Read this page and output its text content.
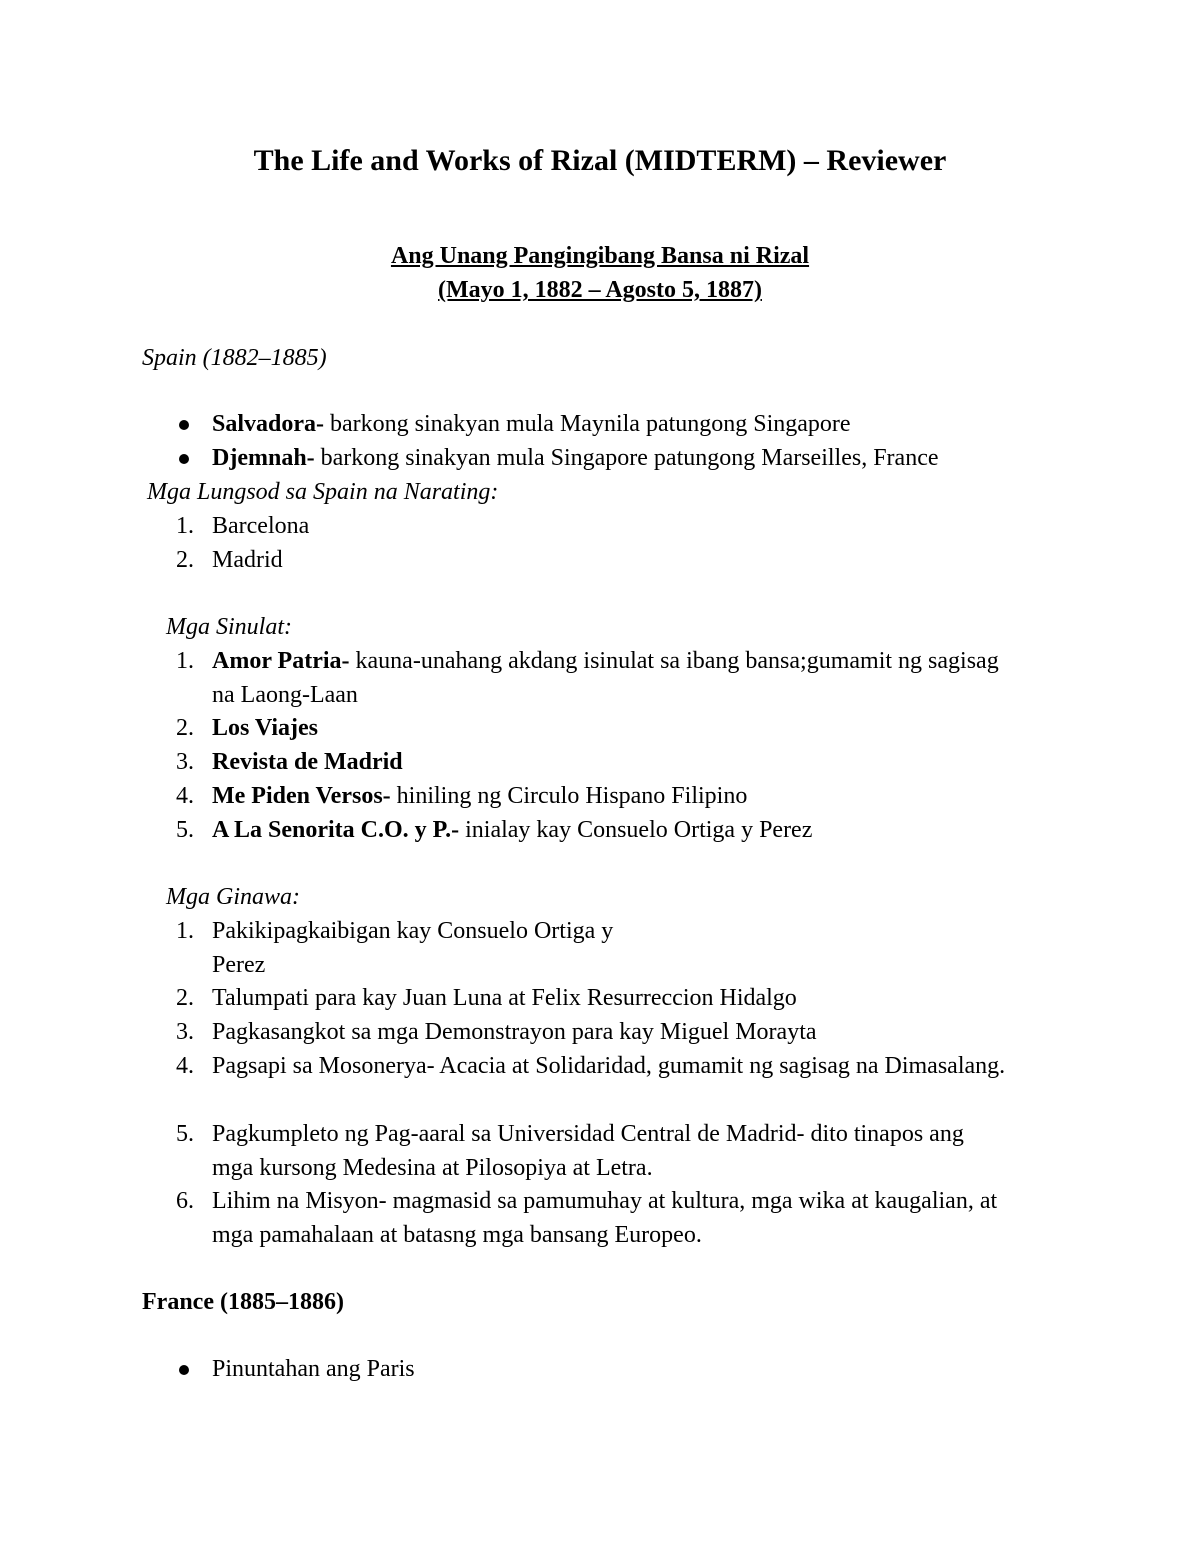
The Life and Works of Rizal (MIDTERM) – Reviewer
Ang Unang Pangingibang Bansa ni Rizal
(Mayo 1, 1882 – Agosto 5, 1887)
Spain (1882–1885)
Salvadora- barkong sinakyan mula Maynila patungong Singapore
Djemnah- barkong sinakyan mula Singapore patungong Marseilles, France
Mga Lungsod sa Spain na Narating:
1. Barcelona
2. Madrid
Mga Sinulat:
1. Amor Patria- kauna-unahang akdang isinulat sa ibang bansa;gumamit ng sagisag
na Laong-Laan
2. Los Viajes
3. Revista de Madrid
4. Me Piden Versos- hiniling ng Circulo Hispano Filipino
5. A La Senorita C.O. y P.- inialay kay Consuelo Ortiga y Perez
Mga Ginawa:
1. Pakikipagkaibigan kay Consuelo Ortiga y
Perez
2. Talumpati para kay Juan Luna at Felix Resurreccion Hidalgo
3. Pagkasangkot sa mga Demonstrayon para kay Miguel Morayta
4. Pagsapi sa Mosonerya- Acacia at Solidaridad, gumamit ng sagisag na Dimasalang.
5. Pagkumpleto ng Pag-aaral sa Universidad Central de Madrid- dito tinapos ang
mga kursong Medesina at Pilosopiya at Letra.
6. Lihim na Misyon- magmasid sa pamumuhay at kultura, mga wika at kaugalian, at
mga pamahalaan at batasng mga bansang Europeo.
France (1885–1886)
Pinuntahan ang Paris
